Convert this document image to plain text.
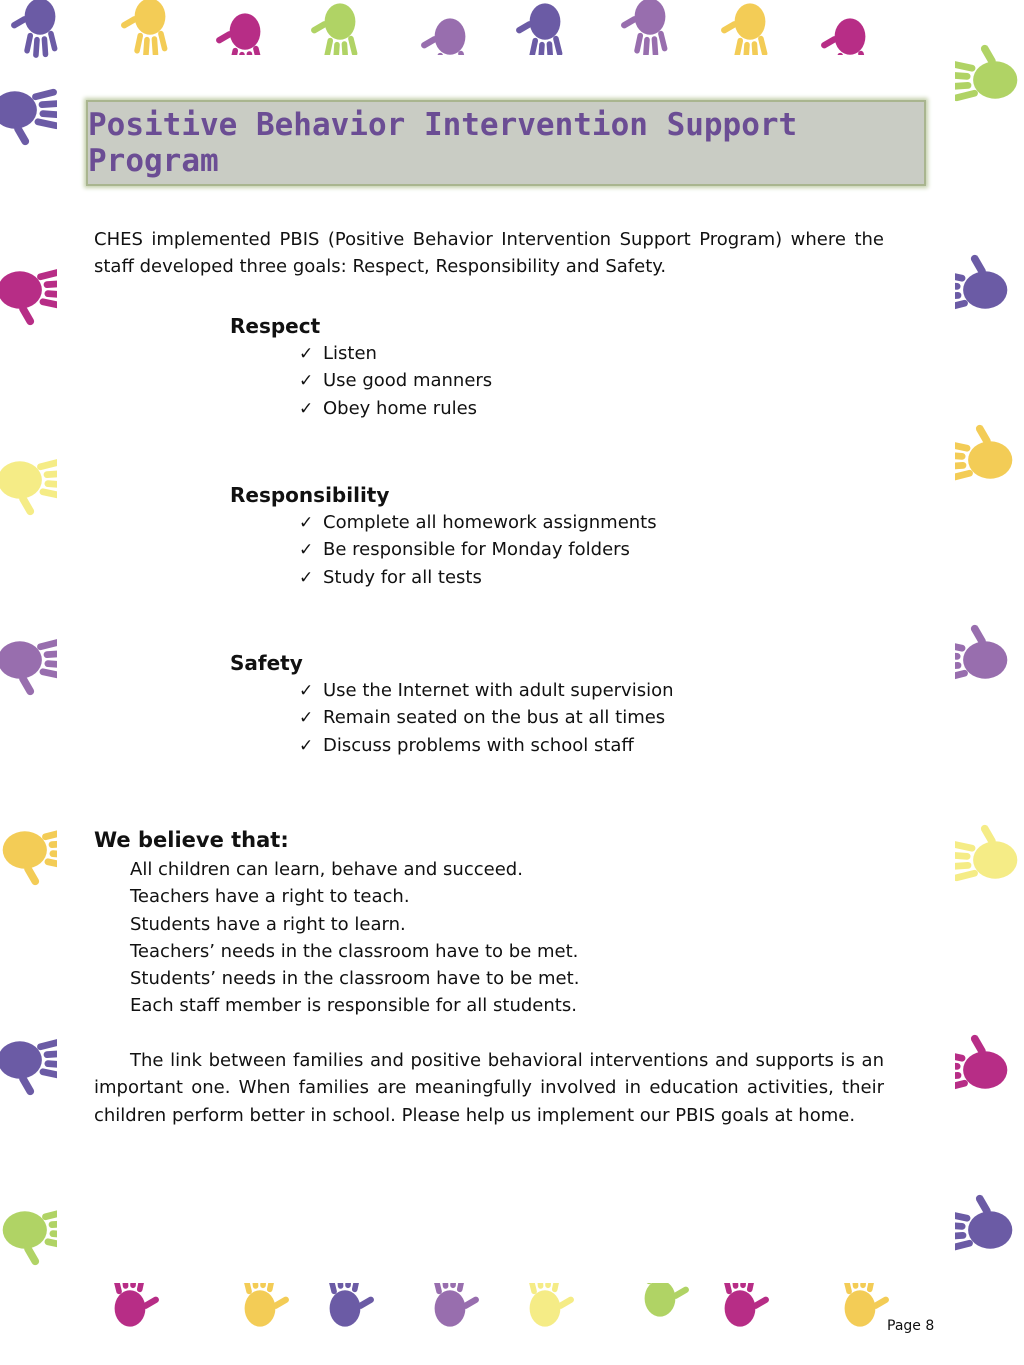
Positive Behavior Intervention Support Program
CHES implemented PBIS (Positive Behavior Intervention Support Program) where the staff developed three goals: Respect, Responsibility and Safety.
Respect
✓ Listen
✓ Use good manners
✓ Obey home rules
Responsibility
✓ Complete all homework assignments
✓ Be responsible for Monday folders
✓ Study for all tests
Safety
✓ Use the Internet with adult supervision
✓ Remain seated on the bus at all times
✓ Discuss problems with school staff
We believe that:
All children can learn, behave and succeed.
Teachers have a right to teach.
Students have a right to learn.
Teachers’ needs in the classroom have to be met.
Students’ needs in the classroom have to be met.
Each staff member is responsible for all students.
The link between families and positive behavioral interventions and supports is an important one. When families are meaningfully involved in education activities, their children perform better in school. Please help us implement our PBIS goals at home.
Page 8
